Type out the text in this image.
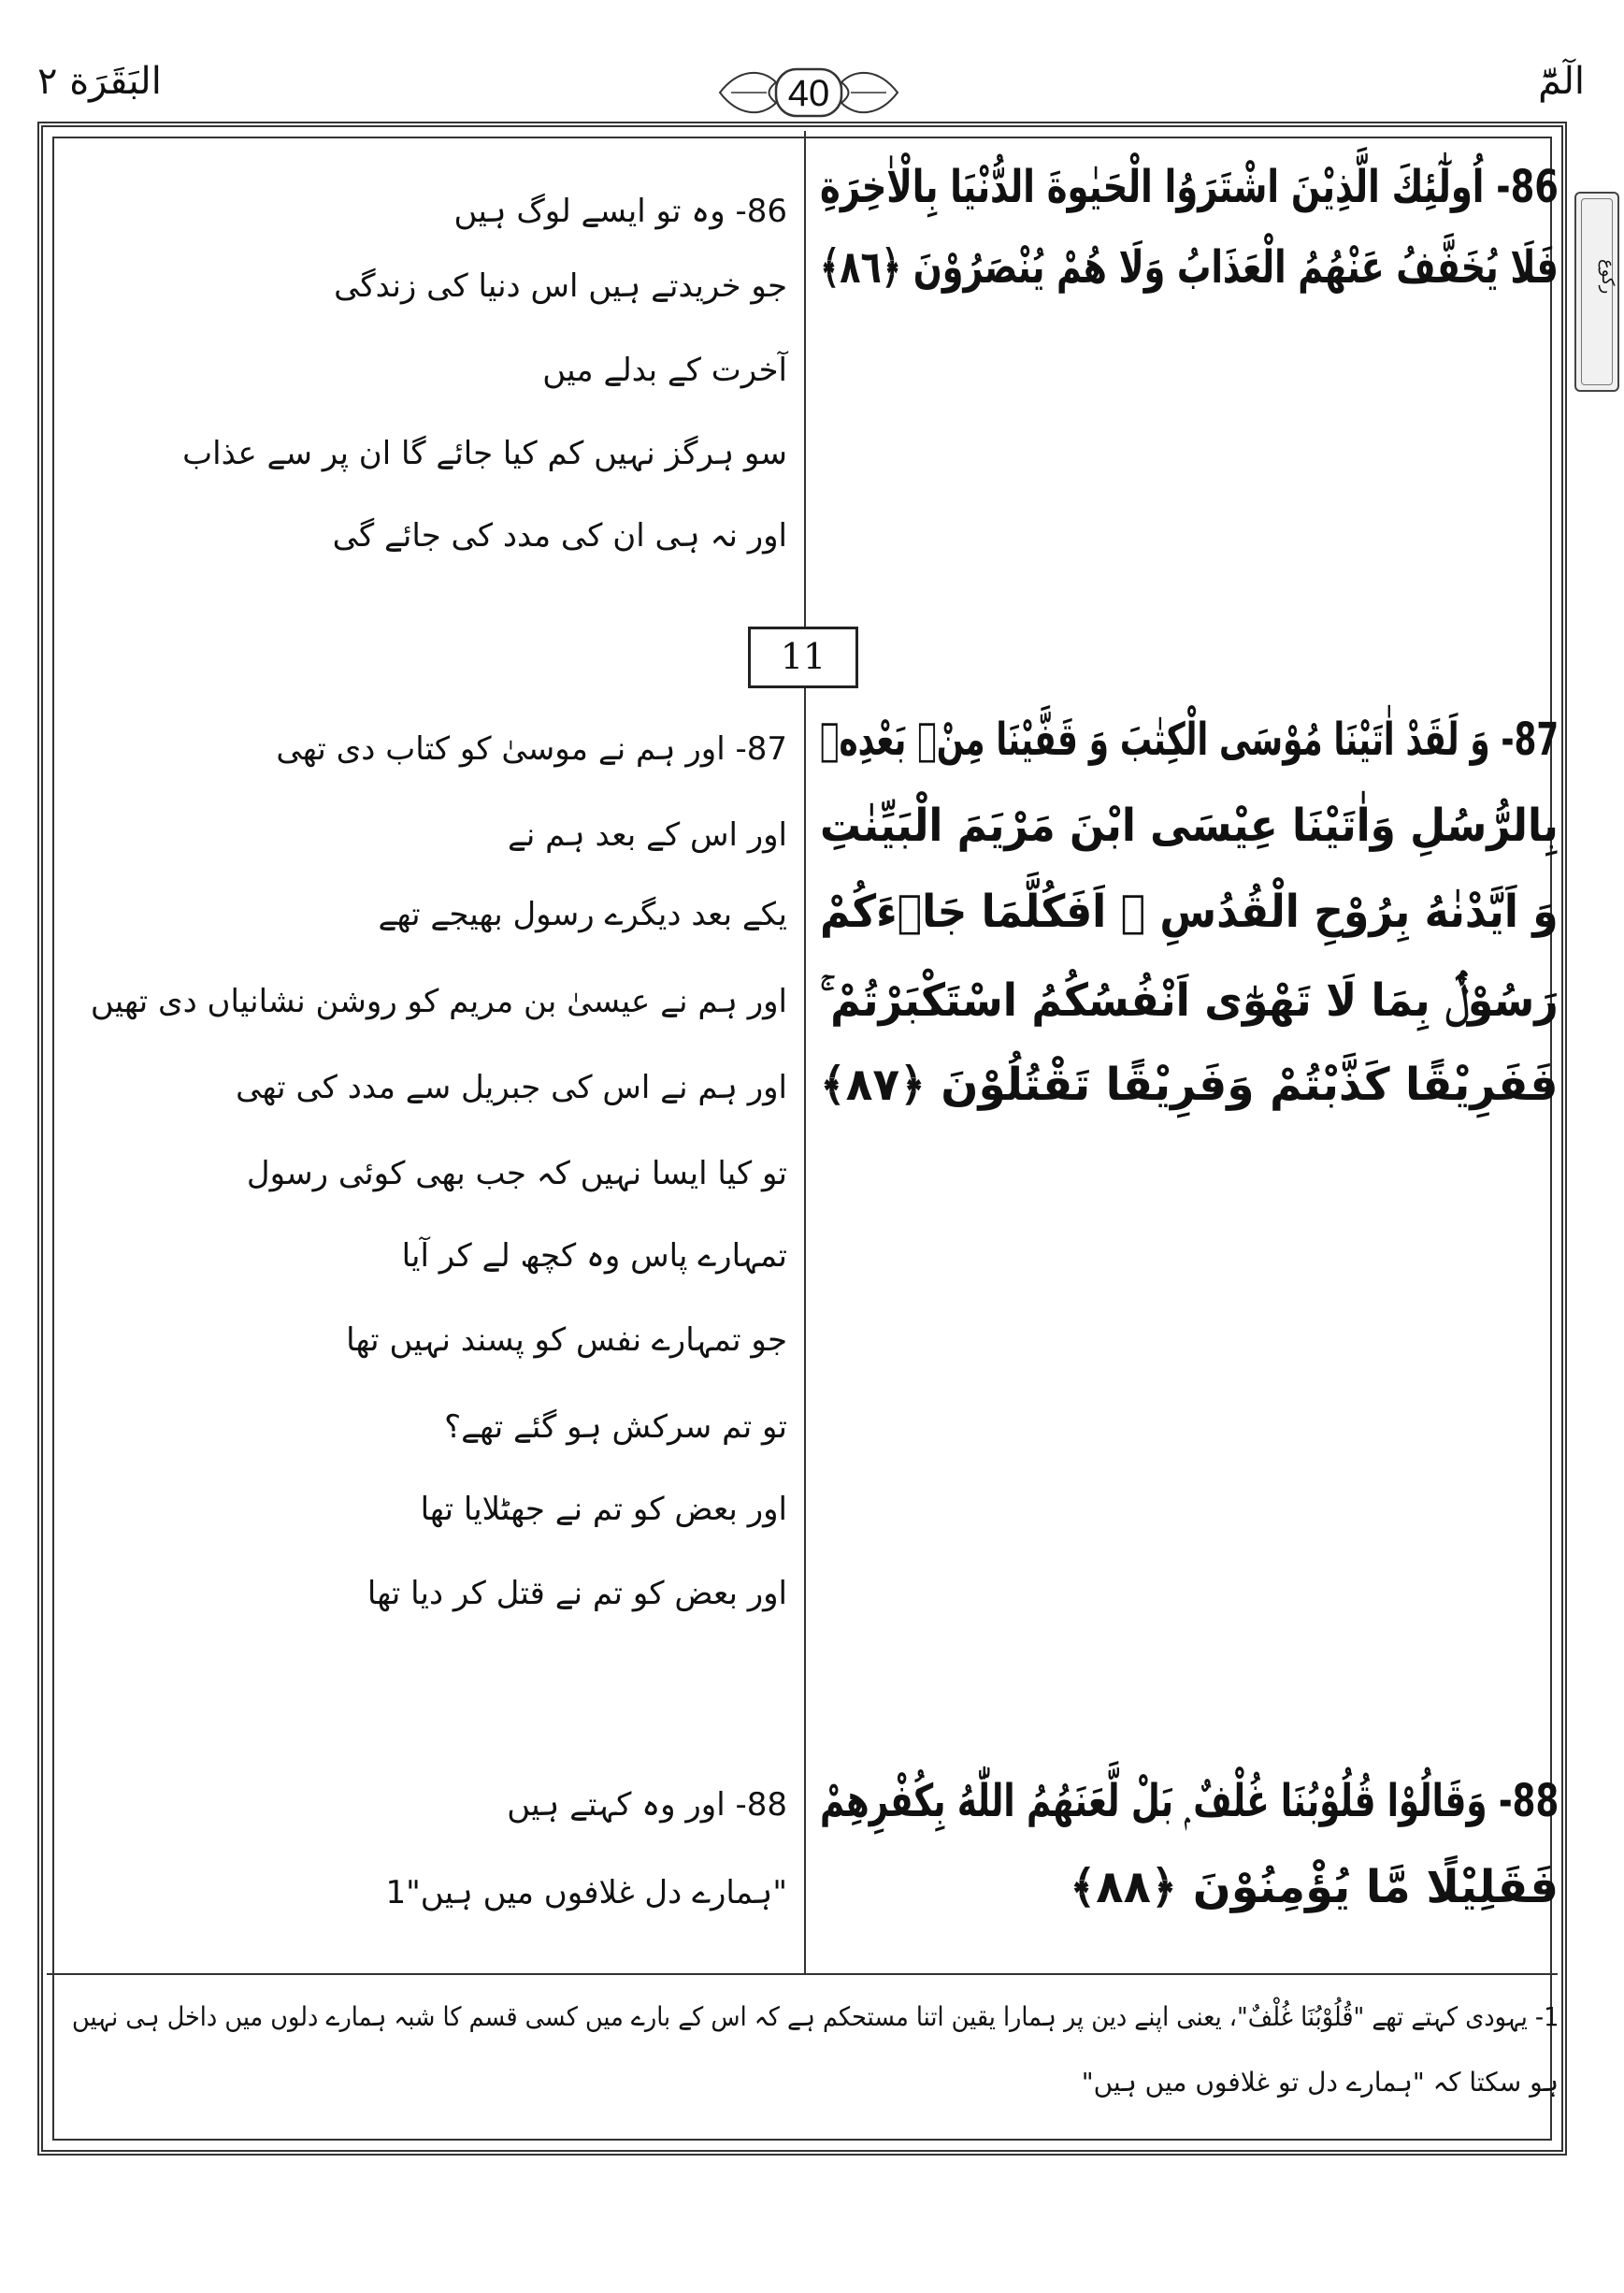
البَقَرَة ٢	40	الٓمّٓ
رکوع
11
86- اُولٰٓئِكَ الَّذِيْنَ اشْتَرَوُا الْحَيٰوةَ الدُّنْيَا بِالْاٰخِرَةِ
فَلَا يُخَفَّفُ عَنْهُمُ الْعَذَابُ وَلَا هُمْ يُنْصَرُوْنَ ﴿٨٦﴾
87- وَ لَقَدْ اٰتَيْنَا مُوْسَى الْكِتٰبَ وَ قَفَّيْنَا مِنْۢ بَعْدِهٖ
بِالرُّسُلِ وَاٰتَيْنَا عِيْسَى ابْنَ مَرْيَمَ الْبَيِّنٰتِ
وَ اَيَّدْنٰهُ بِرُوْحِ الْقُدُسِ ۭ اَفَكُلَّمَا جَاۗءَكُمْ
رَسُوْلٌۢ بِمَا لَا تَهْوٰٓى اَنْفُسُكُمُ اسْتَكْبَرْتُمْ ۚ
فَفَرِيْقًا كَذَّبْتُمْ وَفَرِيْقًا تَقْتُلُوْنَ ﴿٨٧﴾
88- وَقَالُوْا قُلُوْبُنَا غُلْفٌ ۭ بَلْ لَّعَنَهُمُ اللّٰهُ بِكُفْرِهِمْ
فَقَلِيْلًا مَّا يُؤْمِنُوْنَ ﴿٨٨﴾
86- وہ تو ایسے لوگ ہیں
جو خریدتے ہیں اس دنیا کی زندگی
آخرت کے بدلے میں
سو ہرگز نہیں کم کیا جائے گا ان پر سے عذاب
اور نہ ہی ان کی مدد کی جائے گی
87- اور ہم نے موسیٰ کو کتاب دی تھی
اور اس کے بعد ہم نے
یکے بعد دیگرے رسول بھیجے تھے
اور ہم نے عیسیٰ بن مریم کو روشن نشانیاں دی تھیں
اور ہم نے اس کی جبریل سے مدد کی تھی
تو کیا ایسا نہیں کہ جب بھی کوئی رسول
تمہارے پاس وہ کچھ لے کر آیا
جو تمہارے نفس کو پسند نہیں تھا
تو تم سرکش ہو گئے تھے؟
اور بعض کو تم نے جھٹلایا تھا
اور بعض کو تم نے قتل کر دیا تھا
88- اور وہ کہتے ہیں
"ہمارے دل غلافوں میں ہیں"1
1- یہودی کہتے تھے "قُلُوْبُنَا غُلْفٌ"، یعنی اپنے دین پر ہمارا یقین اتنا مستحکم ہے کہ اس کے بارے میں کسی قسم کا شبہ ہمارے دلوں میں داخل ہی نہیں
ہو سکتا کہ "ہمارے دل تو غلافوں میں ہیں"
